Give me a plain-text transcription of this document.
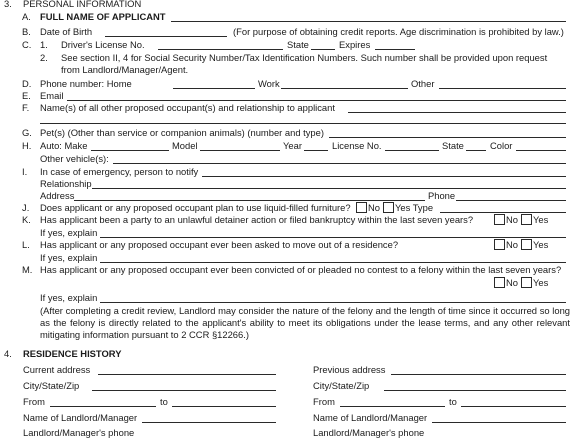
3. PERSONAL INFORMATION
A. FULL NAME OF APPLICANT
B. Date of Birth	(For purpose of obtaining credit reports. Age discrimination is prohibited by law.)
C. 1. Driver's License No.	State	Expires
2. See section II, 4 for Social Security Number/Tax Identification Numbers. Such number shall be provided upon request from Landlord/Manager/Agent.
D. Phone number: Home	Work	Other
E. Email
F. Name(s) of all other proposed occupant(s) and relationship to applicant
G. Pet(s) (Other than service or companion animals) (number and type)
H. Auto: Make	Model	Year	License No.	State	Color
Other vehicle(s):
I. In case of emergency, person to notify
Relationship
Address	Phone
J. Does applicant or any proposed occupant plan to use liquid-filled furniture? No Yes Type
K. Has applicant been a party to an unlawful detainer action or filed bankruptcy within the last seven years?	No Yes
If yes, explain
L. Has applicant or any proposed occupant ever been asked to move out of a residence?	No Yes
If yes, explain
M. Has applicant or any proposed occupant ever been convicted of or pleaded no contest to a felony within the last seven years?
No Yes
If yes, explain
(After completing a credit review, Landlord may consider the nature of the felony and the length of time since it occurred so long as the felony is directly related to the applicant's ability to meet its obligations under the lease terms, and any other relevant mitigating information pursuant to 2 CCR §12266.)
4. RESIDENCE HISTORY
Current address	Previous address
City/State/Zip	City/State/Zip
From	to	From	to
Name of Landlord/Manager	Name of Landlord/Manager
Landlord/Manager's phone	Landlord/Manager's phone
